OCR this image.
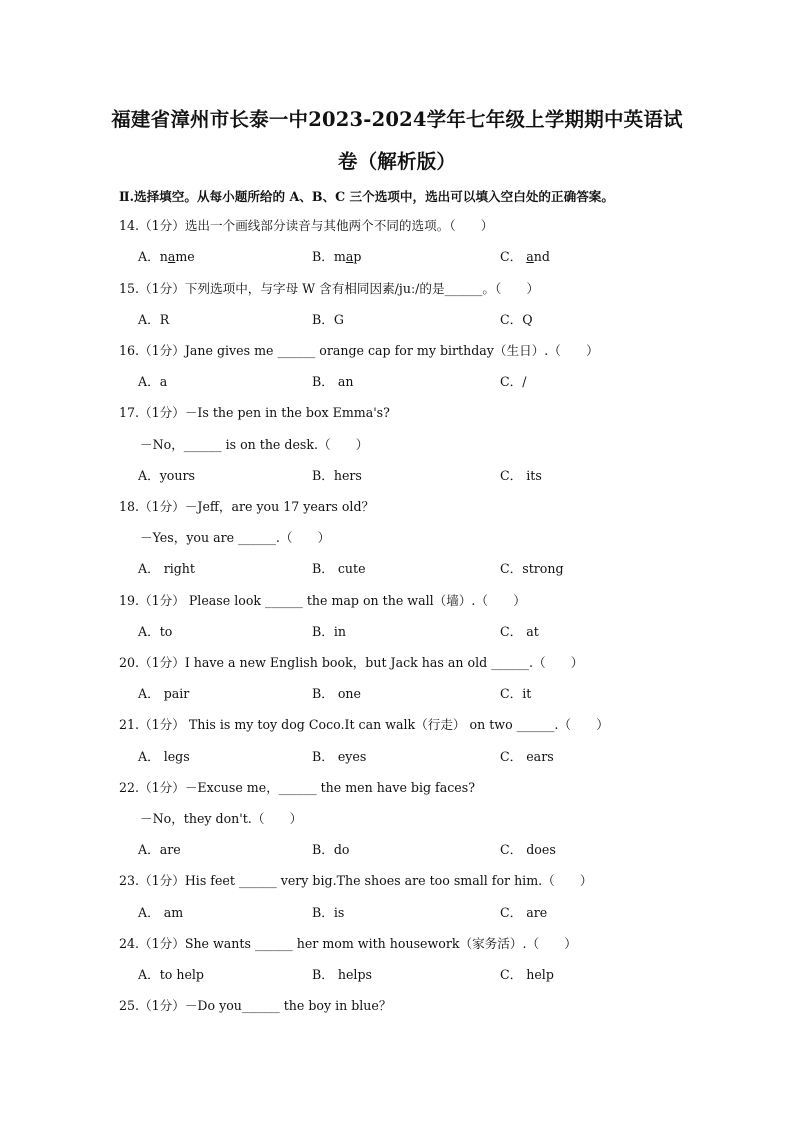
福建省漳州市长泰一中2023-2024学年七年级上学期期中英语试
卷（解析版）
Ⅱ.选择填空。从每小题所给的 A、B、C 三个选项中，选出可以填入空白处的正确答案。
14.（1分）选出一个画线部分读音与其他两个不同的选项。（　　）
A．name	B．map	C． and
15.（1分）下列选项中，与字母 W 含有相同因素/juː/的是______。（　　）
A．R	B．G	C．Q
16.（1分）Jane gives me ______ orange cap for my birthday（生日）.（　　）
A．a	B． an	C．/
17.（1分）－Is the pen in the box Emma's?
－No，______ is on the desk.（　　）
A．yours	B．hers	C． its
18.（1分）－Jeff，are you 17 years old？
－Yes，you are ______.（　　）
A． right	B． cute	C．strong
19.（1分） Please look ______ the map on the wall（墙）.（　　）
A．to	B．in	C． at
20.（1分）I have a new English book，but Jack has an old ______.（　　）
A． pair	B． one	C．it
21.（1分） This is my toy dog Coco.It can walk（行走） on two ______.（　　）
A． legs	B． eyes	C． ears
22.（1分）－Excuse me，______ the men have big faces?
－No，they don't.（　　）
A．are	B．do	C． does
23.（1分）His feet ______ very big.The shoes are too small for him.（　　）
A． am	B．is	C． are
24.（1分）She wants ______ her mom with housework（家务活）.（　　）
A．to help	B． helps	C． help
25.（1分）－Do you______ the boy in blue？
